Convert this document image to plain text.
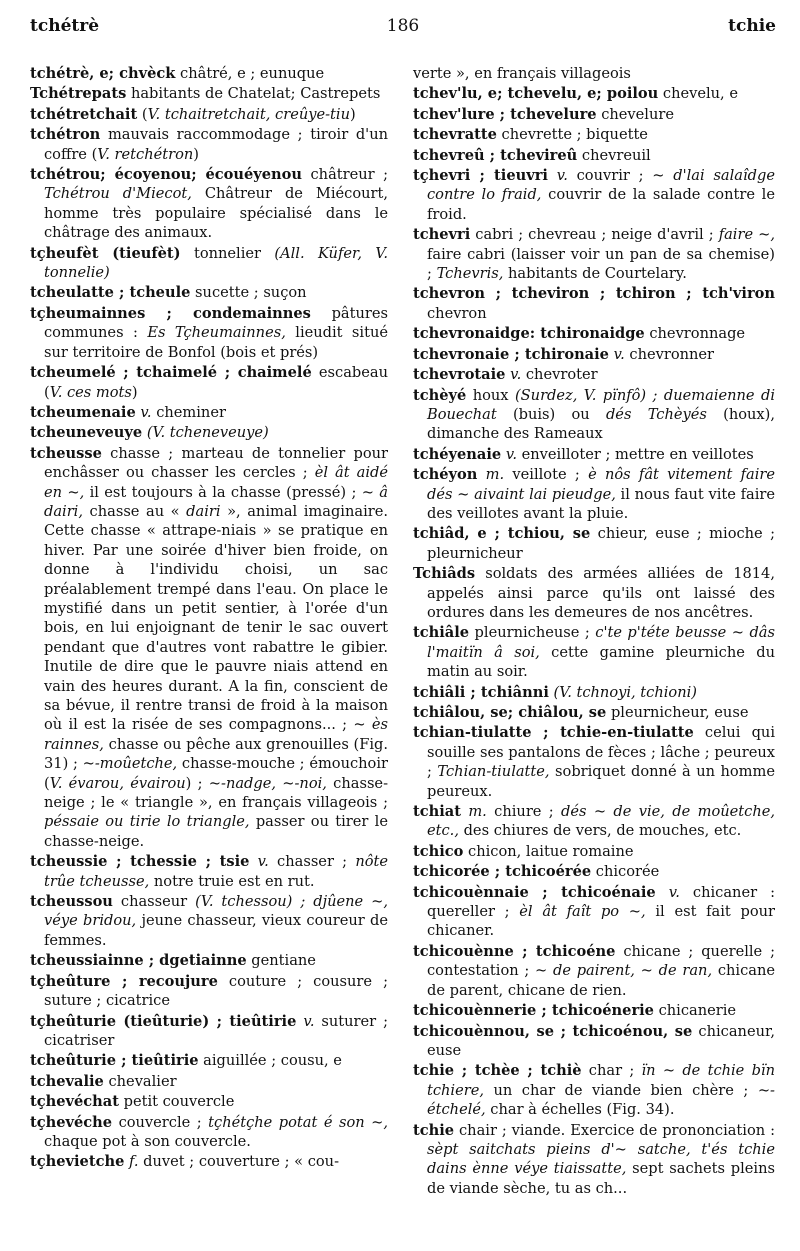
tchétrè	186	tchie

tchétrè, e; chvèck châtré, e ; eunuque

Tchétrepats habitants de Chatelat; Castrepets

tchétretchait (V. tchaitretchait, creûye-tiu)

tchétron mauvais raccommodage ; tiroir d'un coffre (V. retchétron)

tchétrou; écoyenou; écouéyenou châtreur ; Tchétrou d'Miecot, Châtreur de Miécourt, homme très populaire spécialisé dans le châtrage des animaux.

tçheufèt (tieufèt) tonnelier (All. Küfer, V. tonnelie)

tcheulatte ; tcheule sucette ; suçon

tçheumainnes ; condemainnes pâtures communes : Es Tçheumainnes, lieudit situé sur territoire de Bonfol (bois et prés)

tcheumelé ; tchaimelé ; chaimelé escabeau (V. ces mots)

tcheumenaie v. cheminer

tcheuneveuye (V. tcheneveuye)

tcheusse chasse ; marteau de tonnelier pour enchâsser ou chasser les cercles ; èl ât aidé en ~, il est toujours à la chasse (pressé) ; ~ â dairi, chasse au « dairi », animal imaginaire. Cette chasse « attrape-niais » se pratique en hiver. Par une soirée d'hiver bien froide, on donne à l'individu choisi, un sac préalablement trempé dans l'eau. On place le mystifié dans un petit sentier, à l'orée d'un bois, en lui enjoignant de tenir le sac ouvert pendant que d'autres vont rabattre le gibier. Inutile de dire que le pauvre niais attend en vain des heures durant. A la fin, conscient de sa bévue, il rentre transi de froid à la maison où il est la risée de ses compagnons... ; ~ ès rainnes, chasse ou pêche aux grenouilles (Fig. 31) ; ~-moûetche, chasse-mouche ; émouchoir (V. évarou, évairou) ; ~-nadge, ~-noi, chasse-neige ; le « triangle », en français villageois ; péssaie ou tirie lo triangle, passer ou tirer le chasse-neige.

tcheussie ; tchessie ; tsie v. chasser ; nôte trûe tcheusse, notre truie est en rut.

tcheussou chasseur (V. tchessou) ; djûene ~, véye bridou, jeune chasseur, vieux coureur de femmes.

tcheussiainne ; dgetiainne gentiane

tçheûture ; recoujure couture ; cousure ; suture ; cicatrice

tçheûturie (tieûturie) ; tieûtirie v. suturer ; cicatriser

tcheûturie ; tieûtirie aiguillée ; cousu, e

tchevalie chevalier

tçhevéchat petit couvercle

tçhevéche couvercle ; tçhétçhe potat é son ~, chaque pot à son couvercle.

tçhevietche f. duvet ; couverture ; « cou-

verte », en français villageois

tchev'lu, e; tchevelu, e; poilou chevelu, e

tchev'lure ; tchevelure chevelure

tchevratte chevrette ; biquette

tchevreû ; tchevireû chevreuil

tçhevri ; tieuvri v. couvrir ; ~ d'lai salaîdge contre lo fraid, couvrir de la salade contre le froid.

tchevri cabri ; chevreau ; neige d'avril ; faire ~, faire cabri (laisser voir un pan de sa chemise) ; Tchevris, habitants de Courtelary.

tchevron ; tcheviron ; tchiron ; tch'viron chevron

tchevronaidge: tchironaidge chevronnage

tchevronaie ; tchironaie v. chevronner

tchevrotaie v. chevroter

tchèyé houx (Surdez, V. pïnfô) ; duemaienne di Bouechat (buis) ou dés Tchèyés (houx), dimanche des Rameaux

tchéyenaie v. enveilloter ; mettre en veillotes

tchéyon m. veillote ; è nôs fât vitement faire dés ~ aivaint lai pieudge, il nous faut vite faire des veillotes avant la pluie.

tchiâd, e ; tchiou, se chieur, euse ; mioche ; pleurnicheur

Tchiâds soldats des armées alliées de 1814, appelés ainsi parce qu'ils ont laissé des ordures dans les demeures de nos ancêtres.

tchiâle pleurnicheuse ; c'te p'téte beusse ~ dâs l'maitïn â soi, cette gamine pleurniche du matin au soir.

tchiâli ; tchiânni (V. tchnoyi, tchioni)

tchiâlou, se; chiâlou, se pleurnicheur, euse

tchian-tiulatte ; tchie-en-tiulatte celui qui souille ses pantalons de fèces ; lâche ; peureux ; Tchian-tiulatte, sobriquet donné à un homme peureux.

tchiat m. chiure ; dés ~ de vie, de moûetche, etc., des chiures de vers, de mouches, etc.

tchico chicon, laitue romaine

tchicorée ; tchicoérée chicorée

tchicouènnaie ; tchicoénaie v. chicaner : quereller ; èl ât faît po ~, il est fait pour chicaner.

tchicouènne ; tchicoéne chicane ; querelle ; contestation ; ~ de pairent, ~ de ran, chicane de parent, chicane de rien.

tchicouènnerie ; tchicoénerie chicanerie

tchicouènnou, se ; tchicoénou, se chicaneur, euse

tchie ; tchèe ; tchiè char ; ïn ~ de tchie bïn tchiere, un char de viande bien chère ; ~-étchelé, char à échelles (Fig. 34).

tchie chair ; viande. Exercice de prononciation : sèpt saitchats pieins d'~ satche, t'és tchie dains ènne véye tiaissatte, sept sachets pleins de viande sèche, tu as ch...
